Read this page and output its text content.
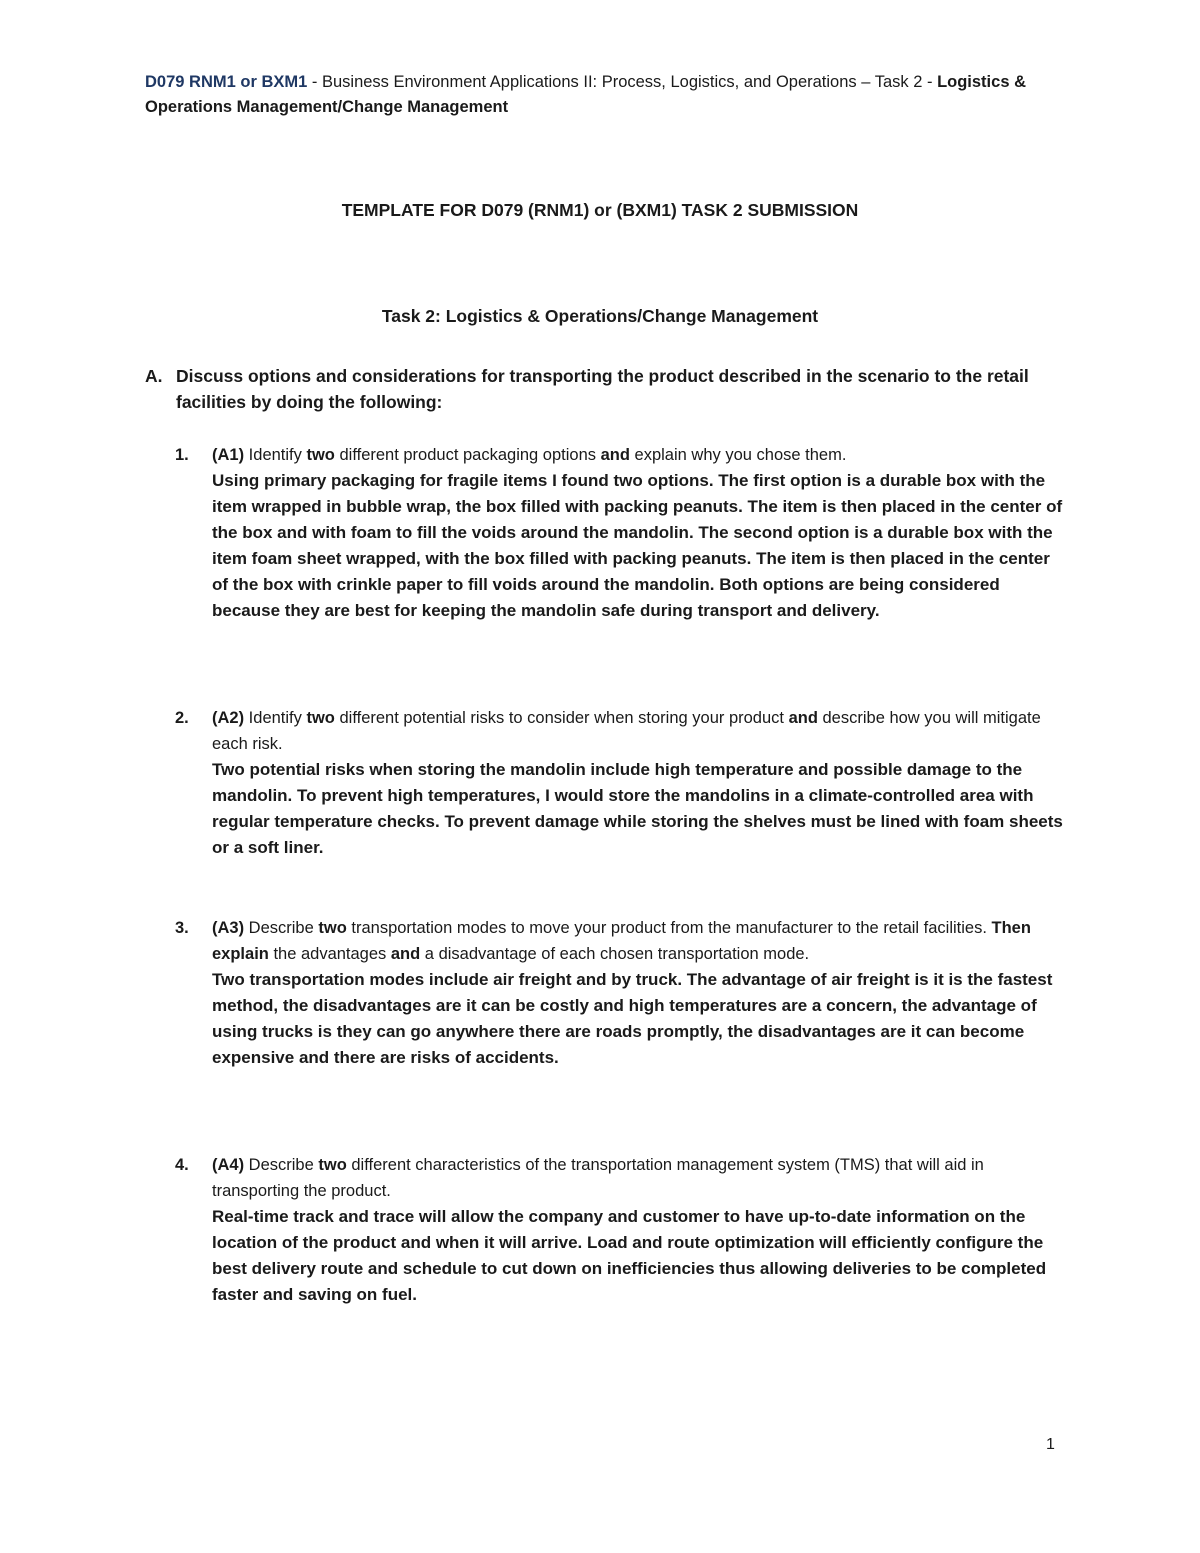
D079 RNM1 or BXM1 - Business Environment Applications II: Process, Logistics, and Operations – Task 2 - Logistics & Operations Management/Change Management
TEMPLATE FOR D079 (RNM1) or (BXM1) TASK 2 SUBMISSION
Task 2: Logistics & Operations/Change Management
A. Discuss options and considerations for transporting the product described in the scenario to the retail facilities by doing the following:
1. (A1) Identify two different product packaging options and explain why you chose them.
Using primary packaging for fragile items I found two options. The first option is a durable box with the item wrapped in bubble wrap, the box filled with packing peanuts. The item is then placed in the center of the box and with foam to fill the voids around the mandolin. The second option is a durable box with the item foam sheet wrapped, with the box filled with packing peanuts. The item is then placed in the center of the box with crinkle paper to fill voids around the mandolin. Both options are being considered because they are best for keeping the mandolin safe during transport and delivery.
2. (A2) Identify two different potential risks to consider when storing your product and describe how you will mitigate each risk.
Two potential risks when storing the mandolin include high temperature and possible damage to the mandolin. To prevent high temperatures, I would store the mandolins in a climate-controlled area with regular temperature checks. To prevent damage while storing the shelves must be lined with foam sheets or a soft liner.
3. (A3) Describe two transportation modes to move your product from the manufacturer to the retail facilities. Then explain the advantages and a disadvantage of each chosen transportation mode.
Two transportation modes include air freight and by truck. The advantage of air freight is it is the fastest method, the disadvantages are it can be costly and high temperatures are a concern, the advantage of using trucks is they can go anywhere there are roads promptly, the disadvantages are it can become expensive and there are risks of accidents.
4. (A4) Describe two different characteristics of the transportation management system (TMS) that will aid in transporting the product.
Real-time track and trace will allow the company and customer to have up-to-date information on the location of the product and when it will arrive. Load and route optimization will efficiently configure the best delivery route and schedule to cut down on inefficiencies thus allowing deliveries to be completed faster and saving on fuel.
1
